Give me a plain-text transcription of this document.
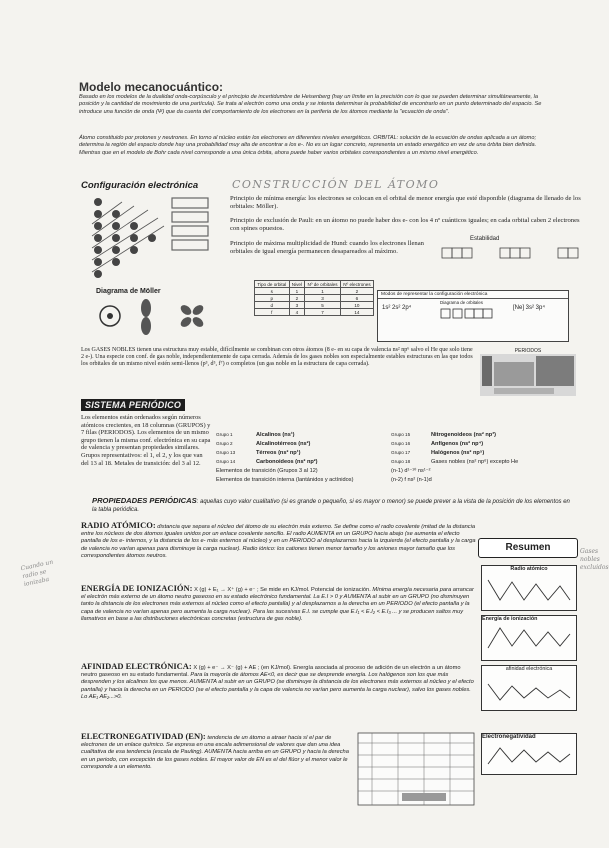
Modelo mecanocuántico:
Basado en los modelos de la dualidad onda-corpúsculo y el principio de incertidumbre de Heisenberg (hay un límite en la precisión con lo que se pueden determinar simultáneamente, la posición y la cantidad de movimiento de una partícula). Se trata al electrón como una onda y se intenta determinar la probabilidad de encontrarlo en un punto determinado del espacio. Se introduce una función de onda (Ψ) que da cuenta del comportamiento de los electrones en la periferia de los átomos mediante la "ecuación de onda".
Átomo constituido por protones y neutrones. En torno al núcleo están los electrones en diferentes niveles energéticos. ORBITAL: solución de la ecuación de ondas aplicada a un átomo; determina la región del espacio donde hay una probabilidad muy alta de encontrar a los e-. No es un lugar concreto, representa un estado energético en vez de una órbita bien definida. Mientras que en el modelo de Bohr cada nivel corresponde a una única órbita, ahora puede haber varios orbitales correspondientes a un mismo nivel energético.
Configuración electrónica	CONSTRUCCIÓN DEL ÁTOMO
Diagrama de Möller
Principio de mínima energía: los electrones se colocan en el orbital de menor energía que esté disponible (diagrama de llenado de los orbitales: Möller).
Principio de exclusión de Pauli: en un átomo no puede haber dos e- con los 4 nº cuánticos iguales; en cada orbital caben 2 electrones con spines opuestos.
Principio de máxima multiplicidad de Hund: cuando los electrones llenan orbitales de igual energía permanecen desapareados al máximo.
Estabilidad
Tipo de orbital	Nivel	Nº de orbitales	Nº electrones
s	1	1	2
p	2	3	6
d	3	5	10
f	4	7	14
Modos de representar la configuración electrónica
1s² 2s² 2p⁴
Diagrama de orbitales
[Ne] 3s² 3p⁴
Los GASES NOBLES tienen una estructura muy estable, difícilmente se combinan con otros átomos (8 e- en su capa de valencia ns² np⁶ salvo el He que solo tiene 2 e-). Una especie con conf. de gas noble, independientemente de capa cerrada. Además de los gases nobles son especialmente estables estructuras en las que todos los orbitales de un mismo nivel estén semi-llenos (p³, d⁵, f⁷) o completos (un gas noble en la estructura de capa cerrada).
PERIODOS
SISTEMA PERIÓDICO
Los elementos están ordenados según números atómicos crecientes, en 18 columnas (GRUPOS) y 7 filas (PERIODOS). Los elementos de un mismo grupo tienen la misma conf. electrónica en su capa de valencia y presentan propiedades similares. Grupos representativos: el 1, el 2, y los que van del 13 al 18. Metales de transición: del 3 al 12.
Grupo 1	Alcalinos (ns¹)
Grupo 2	Alcalinotérreos (ns²)
Grupo 13	Térreos (ns² np¹)
Grupo 14	Carbonoideos (ns² np²)
Grupo 15	Nitrogenoideos (ns² np³)
Grupo 16	Anfígenos (ns² np⁴)
Grupo 17	Halógenos (ns² np⁵)
Grupo 18	Gases nobles (ns² np⁶) excepto He
Elementos de transición (Grupos 3 al 12)	(n-1) d¹⁻¹⁰ ns¹⁻²
Elementos de transición interna (lantánidos y actínidos)	(n-2) f ns² (n-1)d
PROPIEDADES PERIÓDICAS: aquellas cuyo valor cualitativo (si es grande o pequeño, si es mayor o menor) se puede prever a la vista de la posición de los elementos en la tabla periódica.
RADIO ATÓMICO: distancia que separa el núcleo del átomo de su electrón más externo. Se define como el radio covalente (mitad de la distancia entre los núcleos de dos átomos iguales unidos por un enlace covalente sencillo. El radio AUMENTA en un GRUPO hacia abajo (se aumenta el efecto pantalla de los e- internos, y la distancia de los e- más externos al núcleo) y en un PERIODO al desplazarnos hacia la izquierda (el efecto pantalla y la carga de valencia no varían apenas para disminuye la carga nuclear). Radio iónico: los cationes tienen menor tamaño y los aniones mayor tamaño que los correspondientes átomos neutros.
ENERGÍA DE IONIZACIÓN: X (g) + E₁ → X⁺ (g) + e⁻ ; Se mide en KJ/mol. Potencial de ionización. Mínima energía necesaria para arrancar el electrón más externo de un átomo neutro gaseoso en su estado electrónico fundamental. La E.I > 0 y AUMENTA al subir en un GRUPO (no disminuyen tanto la distancia de los electrones más externos al núcleo como el efecto pantalla) y al desplazarnos a la derecha en un PERIODO (el efecto pantalla y la capa de valencia no varían apenas pero aumenta la carga nuclear). Para las sucesivas E.I. se cumple que E.I₁ < E.I₂ < E.I₃ ... y se producen saltos muy llamativos en base a las distribuciones electrónicas concretas (estructura de gas noble).
AFINIDAD ELECTRÓNICA: X (g) + e⁻ → X⁻ (g) + AE ; (en KJ/mol). Energía asociada al proceso de adición de un electrón a un átomo neutro gaseoso en su estado fundamental. Para la mayoría de átomos AE<0, es decir que se desprende energía. Los halógenos son los que más desprenden y los alcalinos los que menos. AUMENTA al subir en un GRUPO (se disminuye la distancia de los electrones más externos al núcleo y el efecto pantalla) y hacia la derecha en un PERIODO (se el efecto pantalla y la capa de valencia no varían pero aumenta la carga nuclear), salvo los gases nobles. Lo AE₁ AE₂...>0.
ELECTRONEGATIVIDAD (EN): tendencia de un átomo a atraer hacia sí el par de electrones de un enlace químico. Se expresa en una escala adimensional de valores que dan una idea cualitativa de esa tendencia (escala de Pauling). AUMENTA hacia arriba en un GRUPO y hacia la derecha en un periodo, con excepción de los gases nobles. El mayor valor de EN es el del flúor y el menor valor le corresponde a un elemento.
Resumen	Gases nobles excluidos
Radio atómico
Energía de ionización
afinidad electrónica
Electronegatividad
Cuando un radio se ionizaba
